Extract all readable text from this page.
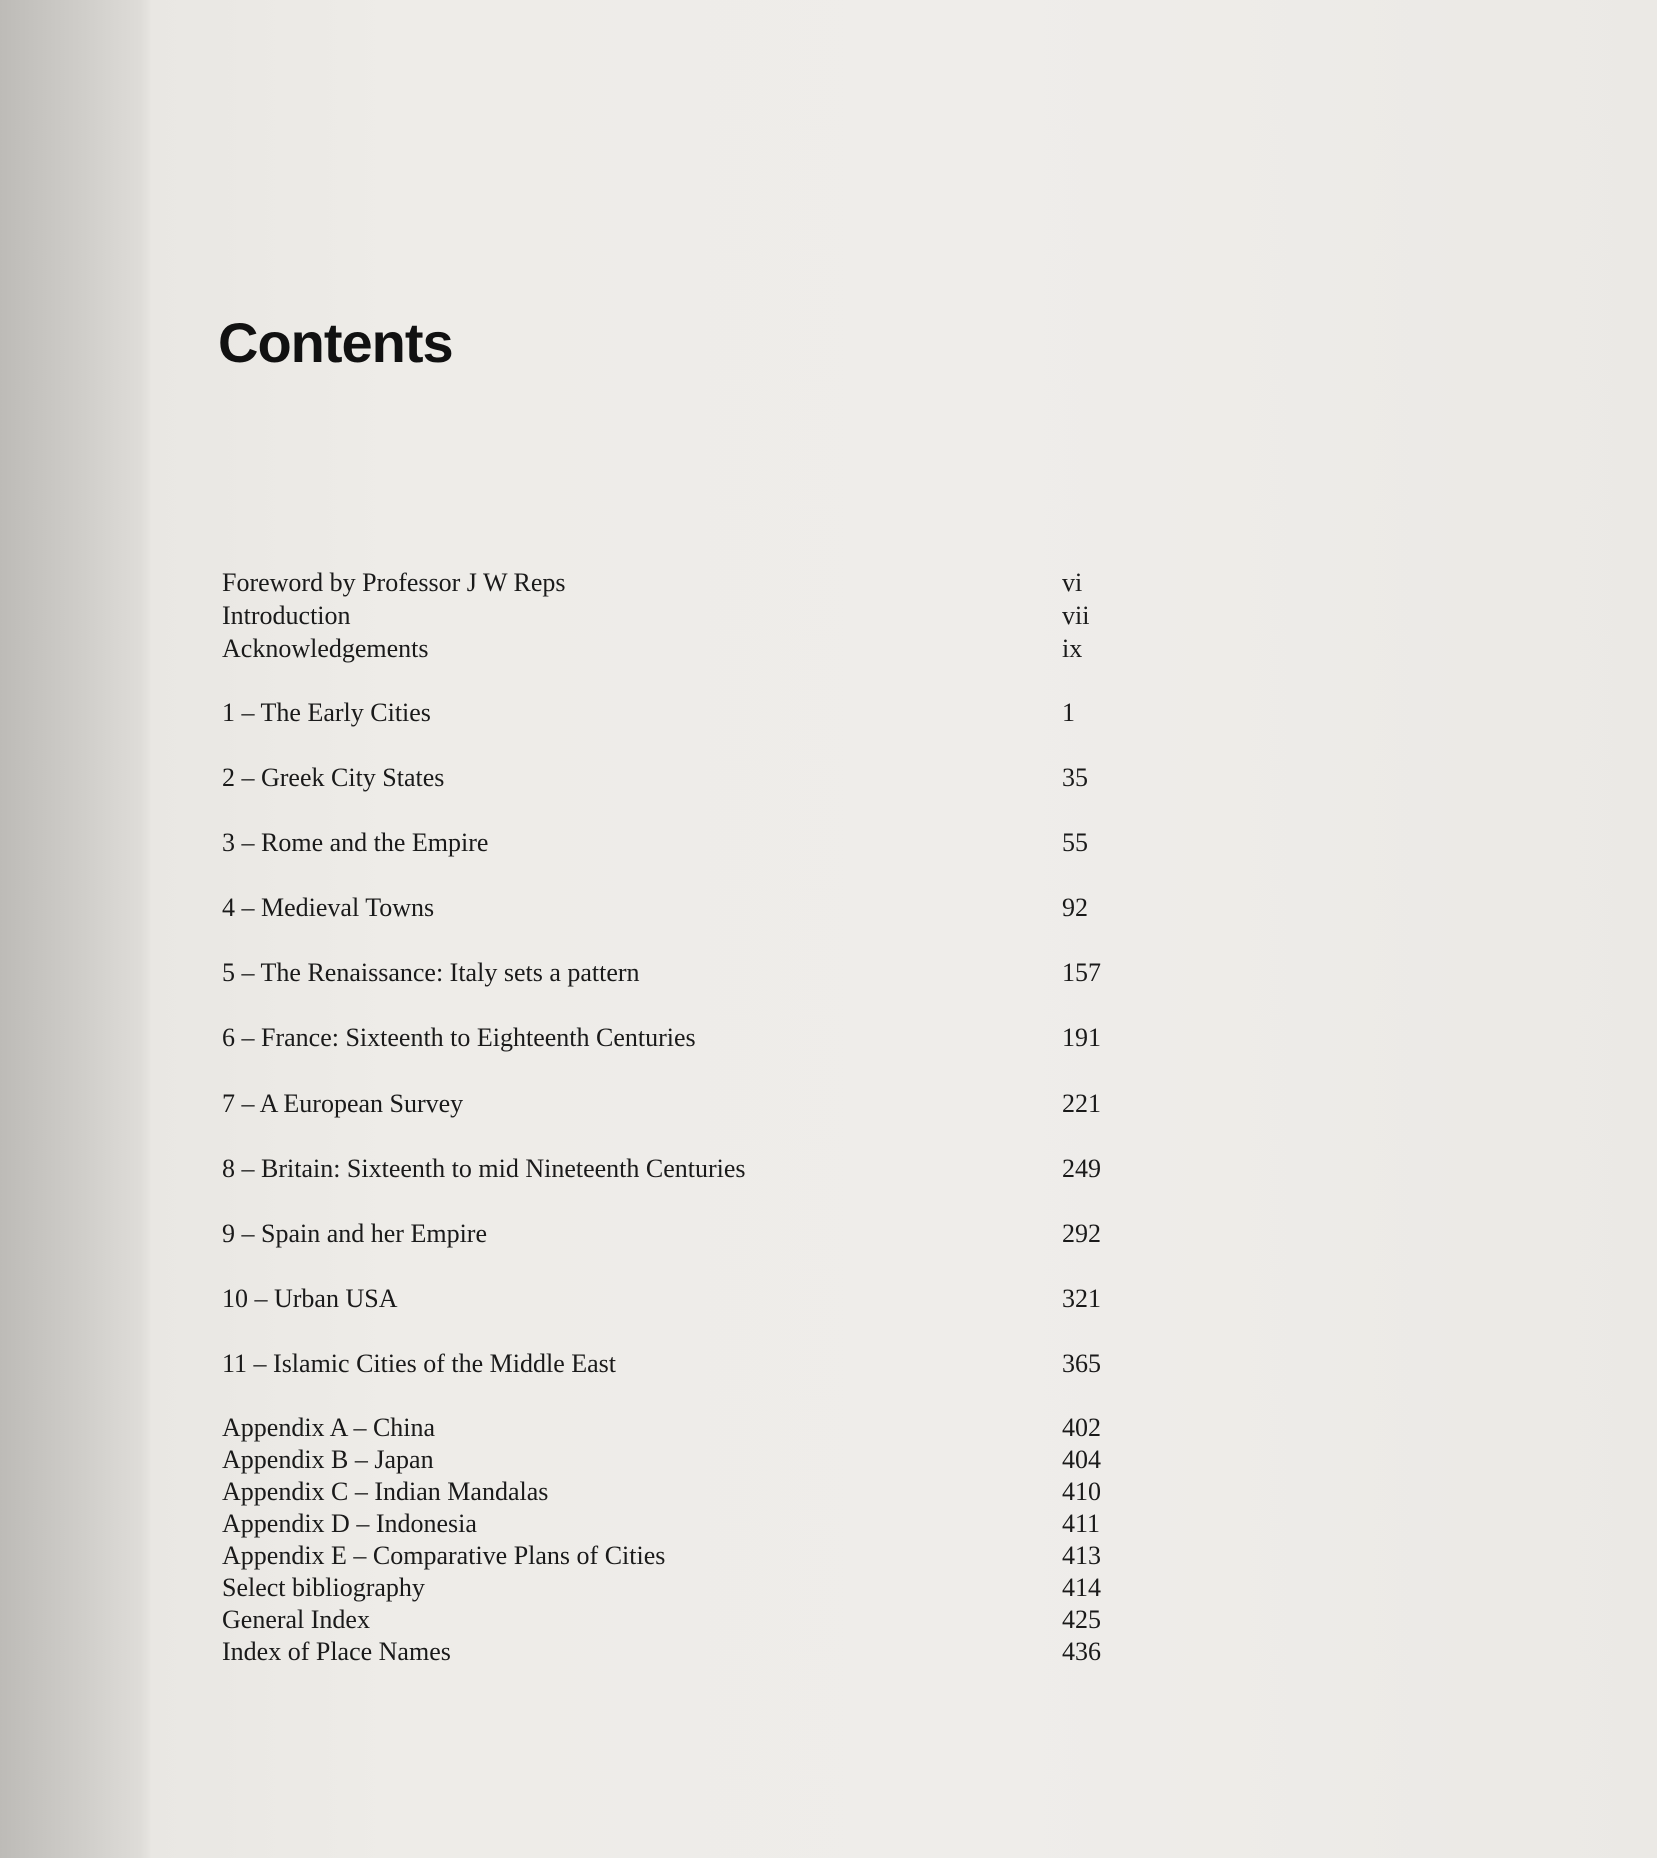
Contents
Foreword by Professor J W Reps	vi
Introduction	vii
Acknowledgements	ix
1 – The Early Cities	1
2 – Greek City States	35
3 – Rome and the Empire	55
4 – Medieval Towns	92
5 – The Renaissance: Italy sets a pattern	157
6 – France: Sixteenth to Eighteenth Centuries	191
7 – A European Survey	221
8 – Britain: Sixteenth to mid Nineteenth Centuries	249
9 – Spain and her Empire	292
10 – Urban USA	321
11 – Islamic Cities of the Middle East	365
Appendix A – China	402
Appendix B – Japan	404
Appendix C – Indian Mandalas	410
Appendix D – Indonesia	411
Appendix E – Comparative Plans of Cities	413
Select bibliography	414
General Index	425
Index of Place Names	436
